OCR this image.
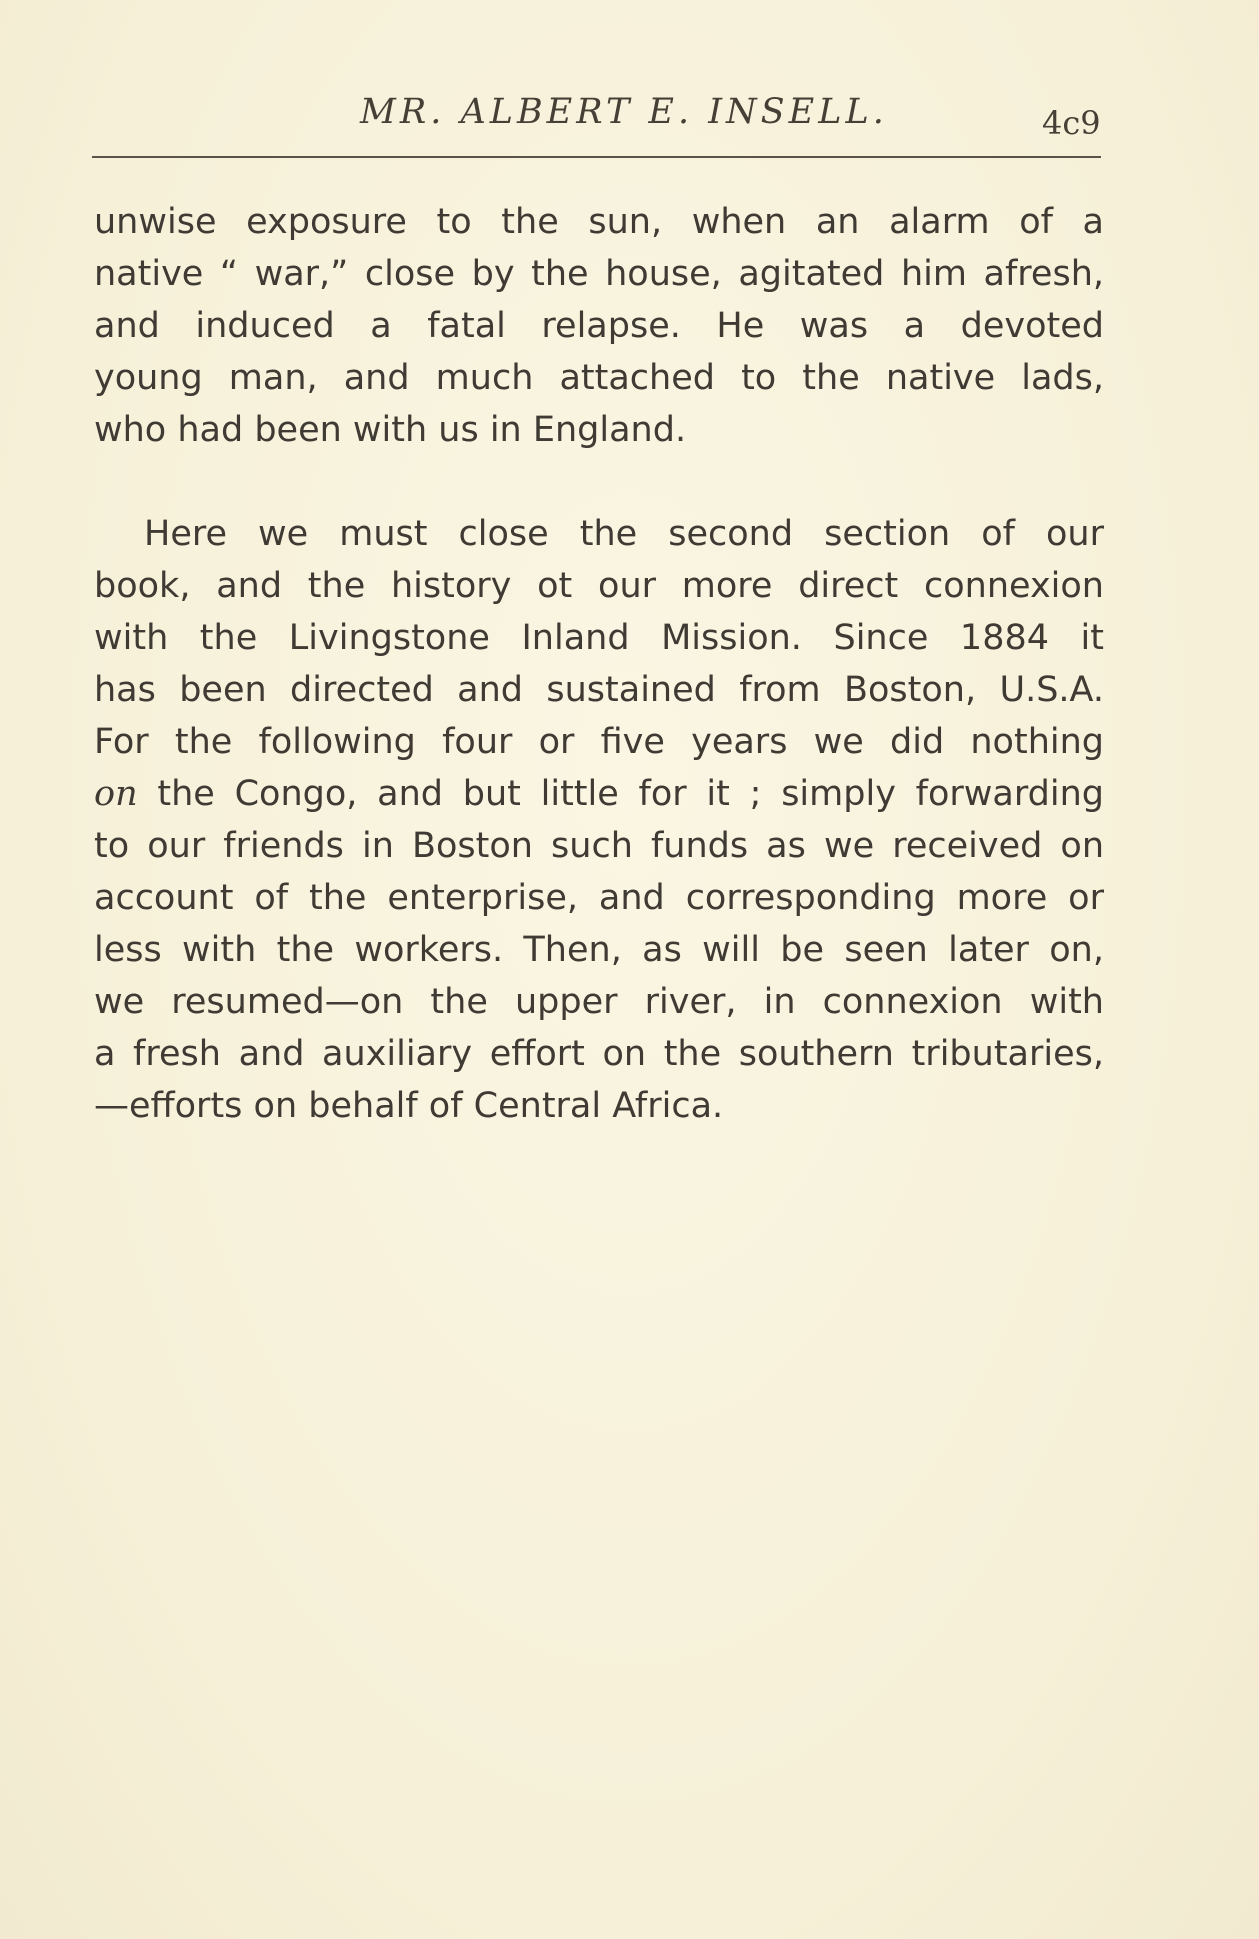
MR. ALBERT E. INSELL.	4c9
unwise exposure to the sun, when an alarm of a
native “ war,” close by the house, agitated him afresh,
and induced a fatal relapse. He was a devoted
young man, and much attached to the native lads,
who had been with us in England.
Here we must close the second section of our
book, and the history ot our more direct connexion
with the Livingstone Inland Mission. Since 1884 it
has been directed and sustained from Boston, U.S.A.
For the following four or five years we did nothing
on the Congo, and but little for it ; simply forwarding
to our friends in Boston such funds as we received on
account of the enterprise, and corresponding more or
less with the workers. Then, as will be seen later on,
we resumed—on the upper river, in connexion with
a fresh and auxiliary effort on the southern tributaries,
—efforts on behalf of Central Africa.
